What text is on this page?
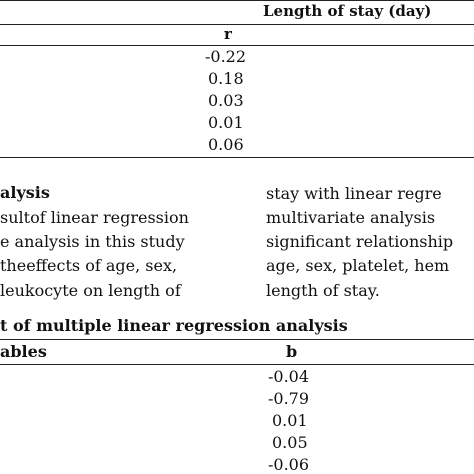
Length of stay (day)
r
-0.22
0.18
0.03
0.01
0.06
alysis
sultof linear regression
e analysis in this study
theeffects of age, sex,
leukocyte on length of
stay with linear regre
multivariate analysis
significant relationship
age, sex, platelet, hem
length of stay.
t of multiple linear regression analysis
ables	b
-0.04
-0.79
0.01
0.05
-0.06
